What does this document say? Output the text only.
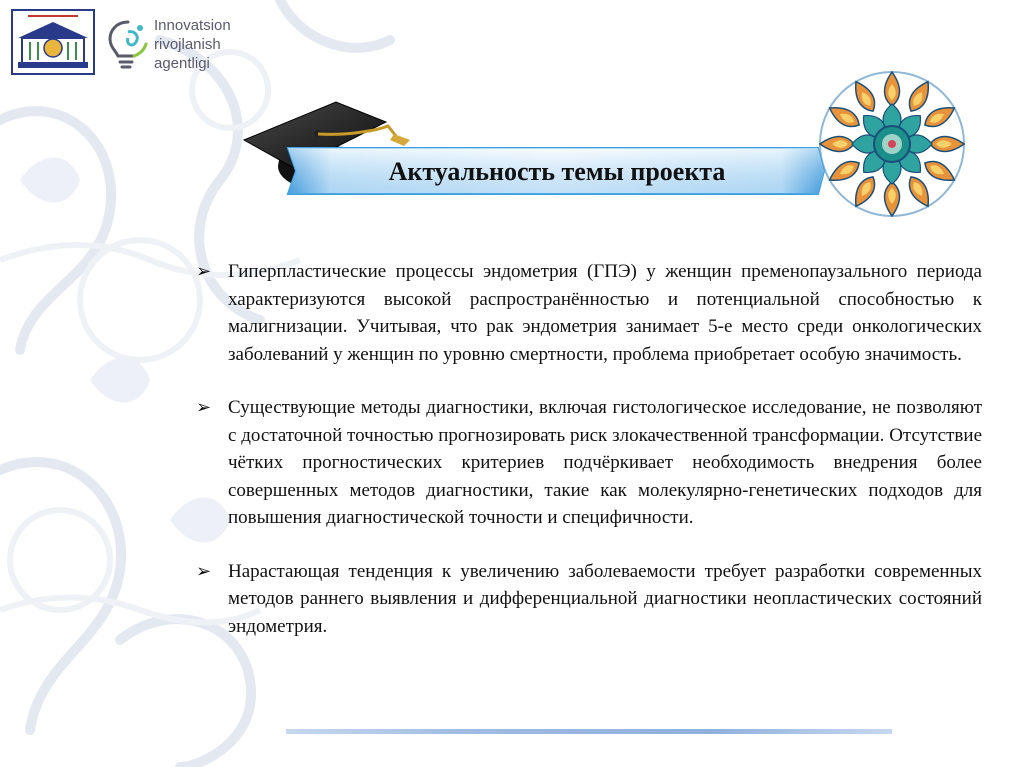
Innovatsion
rivojlanish
agentligi
Актуальность темы проекта
➢ Гиперпластические процессы эндометрия (ГПЭ) у женщин пременопаузального периода характеризуются высокой распространённостью и потенциальной способностью к малигнизации. Учитывая, что рак эндометрия занимает 5-е место среди онкологических заболеваний у женщин по уровню смертности, проблема приобретает особую значимость.
➢ Существующие методы диагностики, включая гистологическое исследование, не позволяют с достаточной точностью прогнозировать риск злокачественной трансформации. Отсутствие чётких прогностических критериев подчёркивает необходимость внедрения более совершенных методов диагностики, такие как молекулярно-генетических подходов для повышения диагностической точности и специфичности.
➢ Нарастающая тенденция к увеличению заболеваемости требует разработки современных методов раннего выявления и дифференциальной диагностики неопластических состояний эндометрия.
